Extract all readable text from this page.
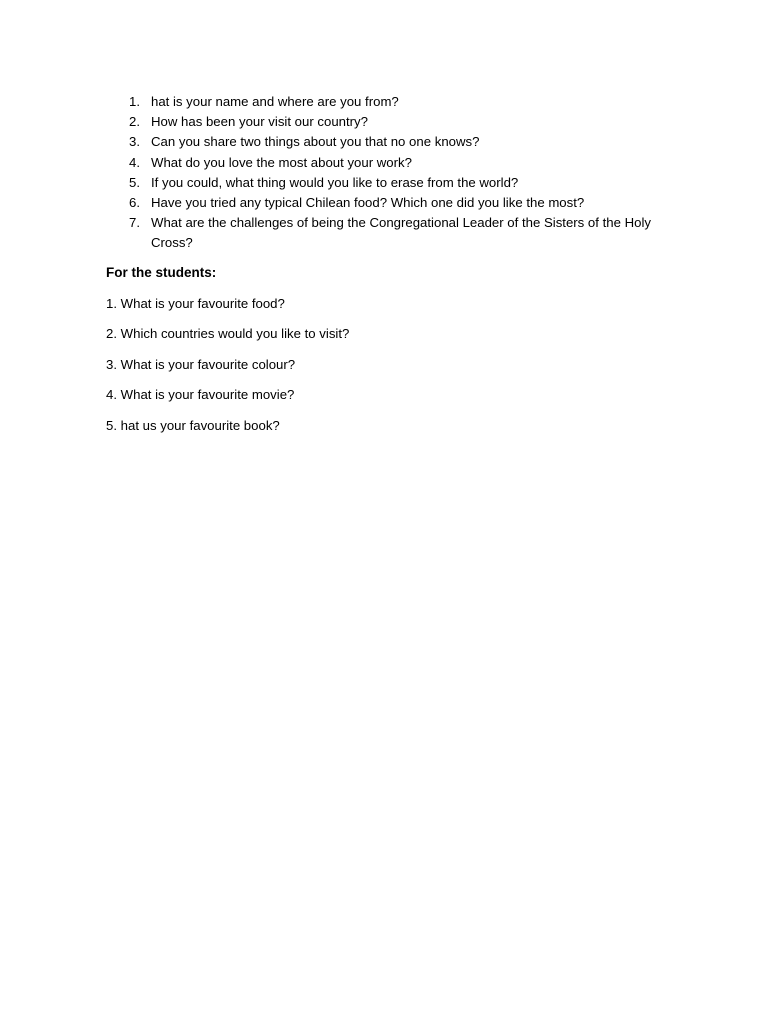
1. hat is your name and where are you from?
2. How has been your visit our country?
3. Can you share two things about you that no one knows?
4. What do you love the most about your work?
5. If you could, what thing would you like to erase from the world?
6. Have you tried any typical Chilean food? Which one did you like the most?
7. What are the challenges of being the Congregational Leader of the Sisters of the Holy Cross?

For the students:

1. What is your favourite food?

2. Which countries would you like to visit?

3. What is your favourite colour?

4. What is your favourite movie?

5. hat us your favourite book?
